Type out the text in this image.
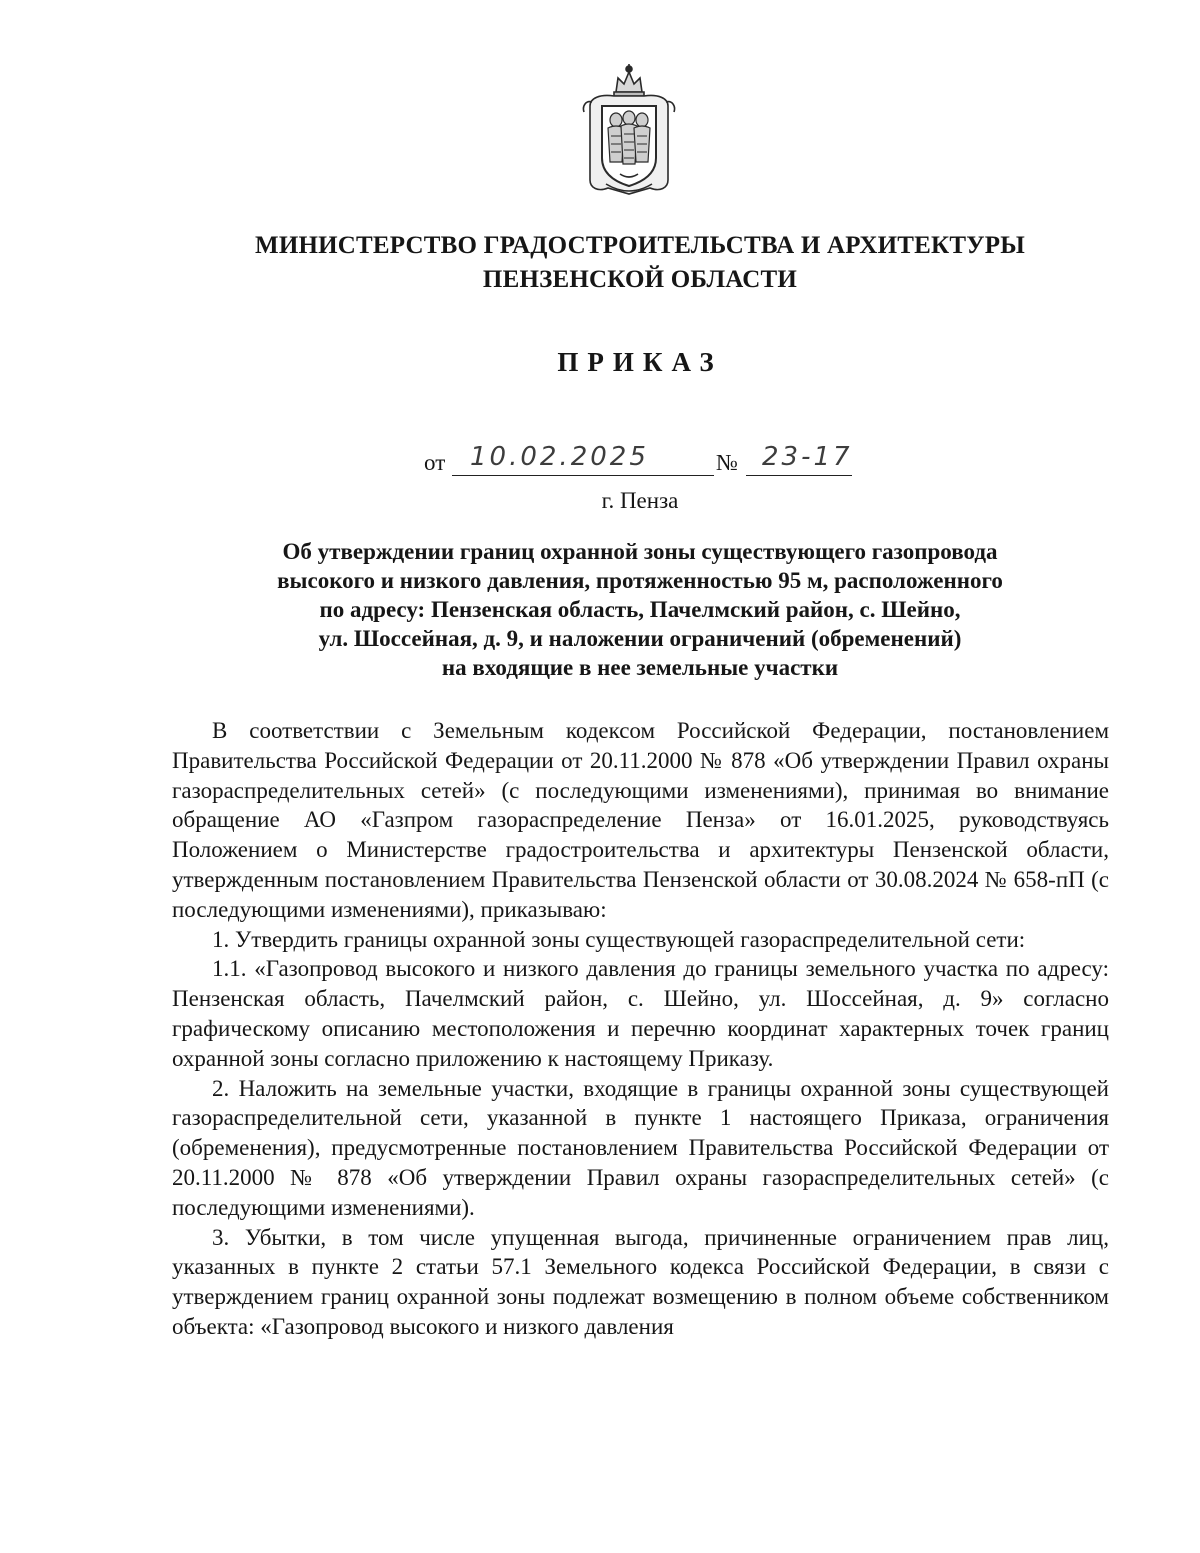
МИНИСТЕРСТВО ГРАДОСТРОИТЕЛЬСТВА И АРХИТЕКТУРЫ
ПЕНЗЕНСКОЙ ОБЛАСТИ
ПРИКАЗ
от 10.02.2025	№ 23-17
г. Пенза
Об утверждении границ охранной зоны существующего газопровода
высокого и низкого давления, протяженностью 95 м, расположенного
по адресу: Пензенская область, Пачелмский район, с. Шейно,
ул. Шоссейная, д. 9, и наложении ограничений (обременений)
на входящие в нее земельные участки

В соответствии с Земельным кодексом Российской Федерации, постановлением Правительства Российской Федерации от 20.11.2000 № 878 «Об утверждении Правил охраны газораспределительных сетей» (с последующими изменениями), принимая во внимание обращение АО «Газпром газораспределение Пенза» от 16.01.2025, руководствуясь Положением о Министерстве градостроительства и архитектуры Пензенской области, утвержденным постановлением Правительства Пензенской области от 30.08.2024 № 658-пП (с последующими изменениями), приказываю:

1. Утвердить границы охранной зоны существующей газораспределительной сети:

1.1. «Газопровод высокого и низкого давления до границы земельного участка по адресу: Пензенская область, Пачелмский район, с. Шейно, ул. Шоссейная, д. 9» согласно графическому описанию местоположения и перечню координат характерных точек границ охранной зоны согласно приложению к настоящему Приказу.

2. Наложить на земельные участки, входящие в границы охранной зоны существующей газораспределительной сети, указанной в пункте 1 настоящего Приказа, ограничения (обременения), предусмотренные постановлением Правительства Российской Федерации от 20.11.2000 № 878 «Об утверждении Правил охраны газораспределительных сетей» (с последующими изменениями).

3. Убытки, в том числе упущенная выгода, причиненные ограничением прав лиц, указанных в пункте 2 статьи 57.1 Земельного кодекса Российской Федерации, в связи с утверждением границ охранной зоны подлежат возмещению в полном объеме собственником объекта: «Газопровод высокого и низкого давления
